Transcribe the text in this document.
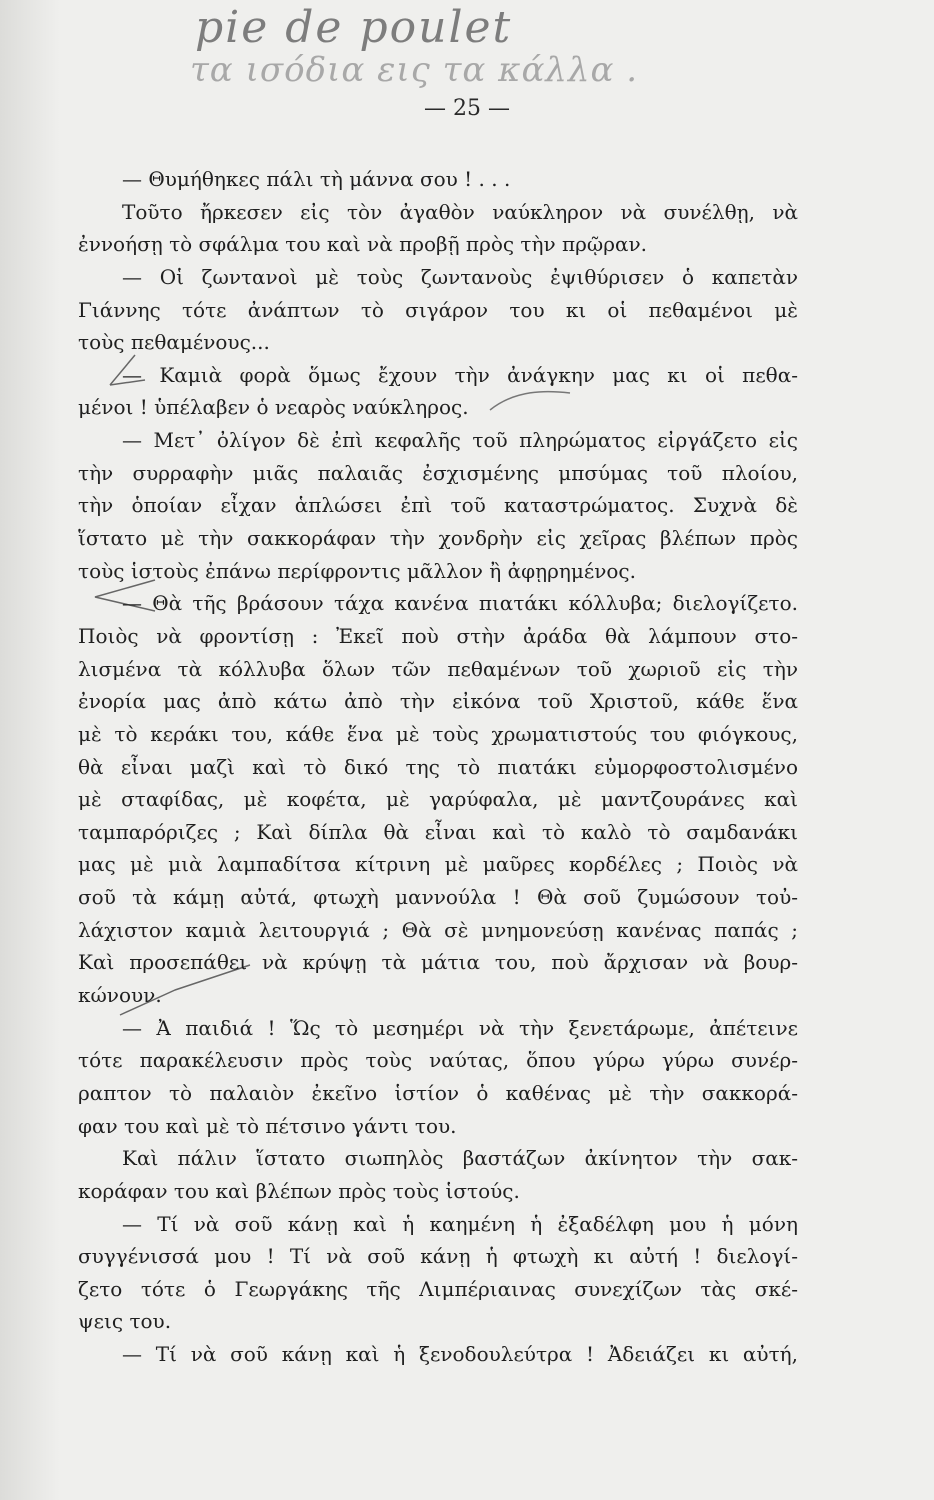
pie de poulet
τα ισόδια εις τα κάλλα .
— 25 —
— Θυμήθηκες πάλι τὴ μάννα σου ! . . .
Τοῦτο ἤρκεσεν εἰς τὸν ἀγαθὸν ναύκληρον νὰ συνέλθῃ, νὰ
ἐννοήσῃ τὸ σφάλμα του καὶ νὰ προβῇ πρὸς τὴν πρῷραν.
— Οἱ ζωντανοὶ μὲ τοὺς ζωντανοὺς ἐψιθύρισεν ὁ καπετὰν
Γιάννης τότε ἀνάπτων τὸ σιγάρον του κι οἱ πεθαμένοι μὲ
τοὺς πεθαμένους...
— Καμιὰ φορὰ ὅμως ἔχουν τὴν ἀνάγκην μας κι οἱ πεθα-
μένοι ! ὑπέλαβεν ὁ νεαρὸς ναύκληρος.
— Μετ᾿ ὀλίγον δὲ ἐπὶ κεφαλῆς τοῦ πληρώματος εἰργάζετο εἰς
τὴν συρραφὴν μιᾶς παλαιᾶς ἐσχισμένης μπσύμας τοῦ πλοίου,
τὴν ὁποίαν εἶχαν ἁπλώσει ἐπὶ τοῦ καταστρώματος. Συχνὰ δὲ
ἵστατο μὲ τὴν σακκοράφαν τὴν χονδρὴν εἰς χεῖρας βλέπων πρὸς
τοὺς ἱστοὺς ἐπάνω περίφροντις μᾶλλον ἢ ἀφῃρημένος.
— Θὰ τῆς βράσουν τάχα κανένα πιατάκι κόλλυβα; διελογίζετο.
Ποιὸς νὰ φροντίσῃ : Ἐκεῖ ποὺ στὴν ἀράδα θὰ λάμπουν στο-
λισμένα τὰ κόλλυβα ὅλων τῶν πεθαμένων τοῦ χωριοῦ εἰς τὴν
ἐνορία μας ἀπὸ κάτω ἀπὸ τὴν εἰκόνα τοῦ Χριστοῦ, κάθε ἕνα
μὲ τὸ κεράκι του, κάθε ἕνα μὲ τοὺς χρωματιστούς του φιόγκους,
θὰ εἶναι μαζὶ καὶ τὸ δικό της τὸ πιατάκι εὐμορφοστολισμένο
μὲ σταφίδας, μὲ κοφέτα, μὲ γαρύφαλα, μὲ μαντζουράνες καὶ
ταμπαρόριζες ; Καὶ δίπλα θὰ εἶναι καὶ τὸ καλὸ τὸ σαμδανάκι
μας μὲ μιὰ λαμπαδίτσα κίτρινη μὲ μαῦρες κορδέλες ; Ποιὸς νὰ
σοῦ τὰ κάμῃ αὐτά, φτωχὴ μαννούλα ! Θὰ σοῦ ζυμώσουν τοὐ-
λάχιστον καμιὰ λειτουργιά ; Θὰ σὲ μνημονεύσῃ κανένας παπάς ;
Καὶ προσεπάθει νὰ κρύψῃ τὰ μάτια του, ποὺ ἄρχισαν νὰ βουρ-
κώνουν.
— Ἀ παιδιά ! Ὥς τὸ μεσημέρι νὰ τὴν ξενετάρωμε, ἀπέτεινε
τότε παρακέλευσιν πρὸς τοὺς ναύτας, ὅπου γύρω γύρω συνέρ-
ραπτον τὸ παλαιὸν ἐκεῖνο ἱστίον ὁ καθένας μὲ τὴν σακκορά-
φαν του καὶ μὲ τὸ πέτσινο γάντι του.
Καὶ πάλιν ἵστατο σιωπηλὸς βαστάζων ἀκίνητον τὴν σακ-
κοράφαν του καὶ βλέπων πρὸς τοὺς ἱστούς.
— Τί νὰ σοῦ κάνῃ καὶ ἡ καημένη ἡ ἐξαδέλφη μου ἡ μόνη
συγγένισσά μου ! Τί νὰ σοῦ κάνῃ ἡ φτωχὴ κι αὐτή ! διελογί-
ζετο τότε ὁ Γεωργάκης τῆς Λιμπέριαινας συνεχίζων τὰς σκέ-
ψεις του.
— Τί νὰ σοῦ κάνῃ καὶ ἡ ξενοδουλεύτρα ! Ἀδειάζει κι αὐτή,
